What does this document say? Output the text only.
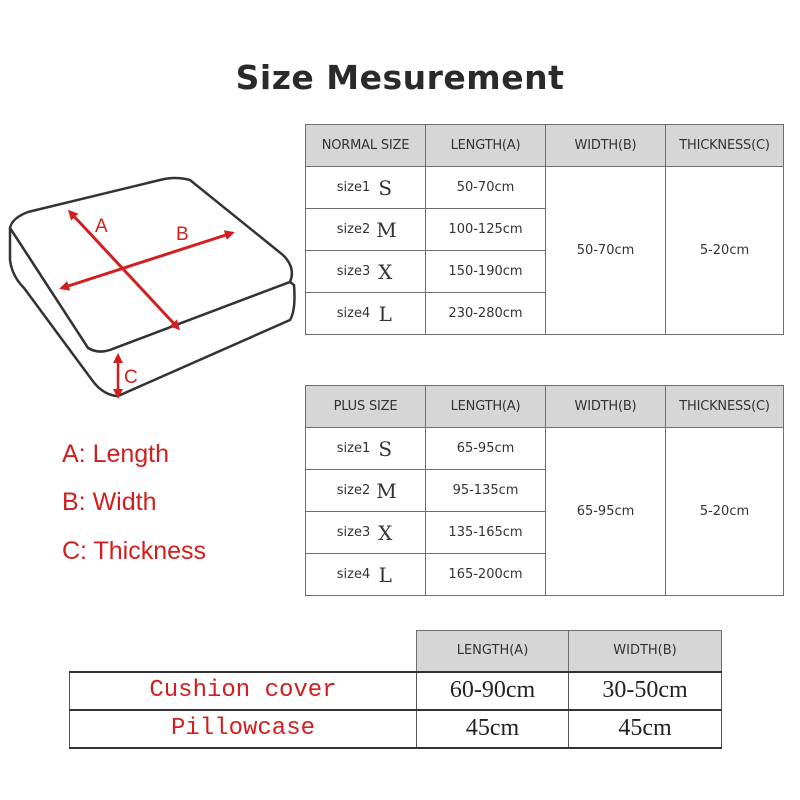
Size Mesurement
A	B
C
A: Length
B: Width
C: Thickness
NORMAL SIZE	LENGTH(A)	WIDTH(B)	THICKNESS(C)

size1 S	50-70cm	50-70cm	5-20cm

size2 M	100-125cm		

size3 X	150-190cm		

size4 L	230-280cm		
PLUS SIZE	LENGTH(A)	WIDTH(B)	THICKNESS(C)

size1 S	65-95cm	65-95cm	5-20cm

size2 M	95-135cm		

size3 X	135-165cm		

size4 L	165-200cm		
	LENGTH(A)	WIDTH(B)
Cushion cover	60-90cm	30-50cm
Pillowcase	45cm	45cm
